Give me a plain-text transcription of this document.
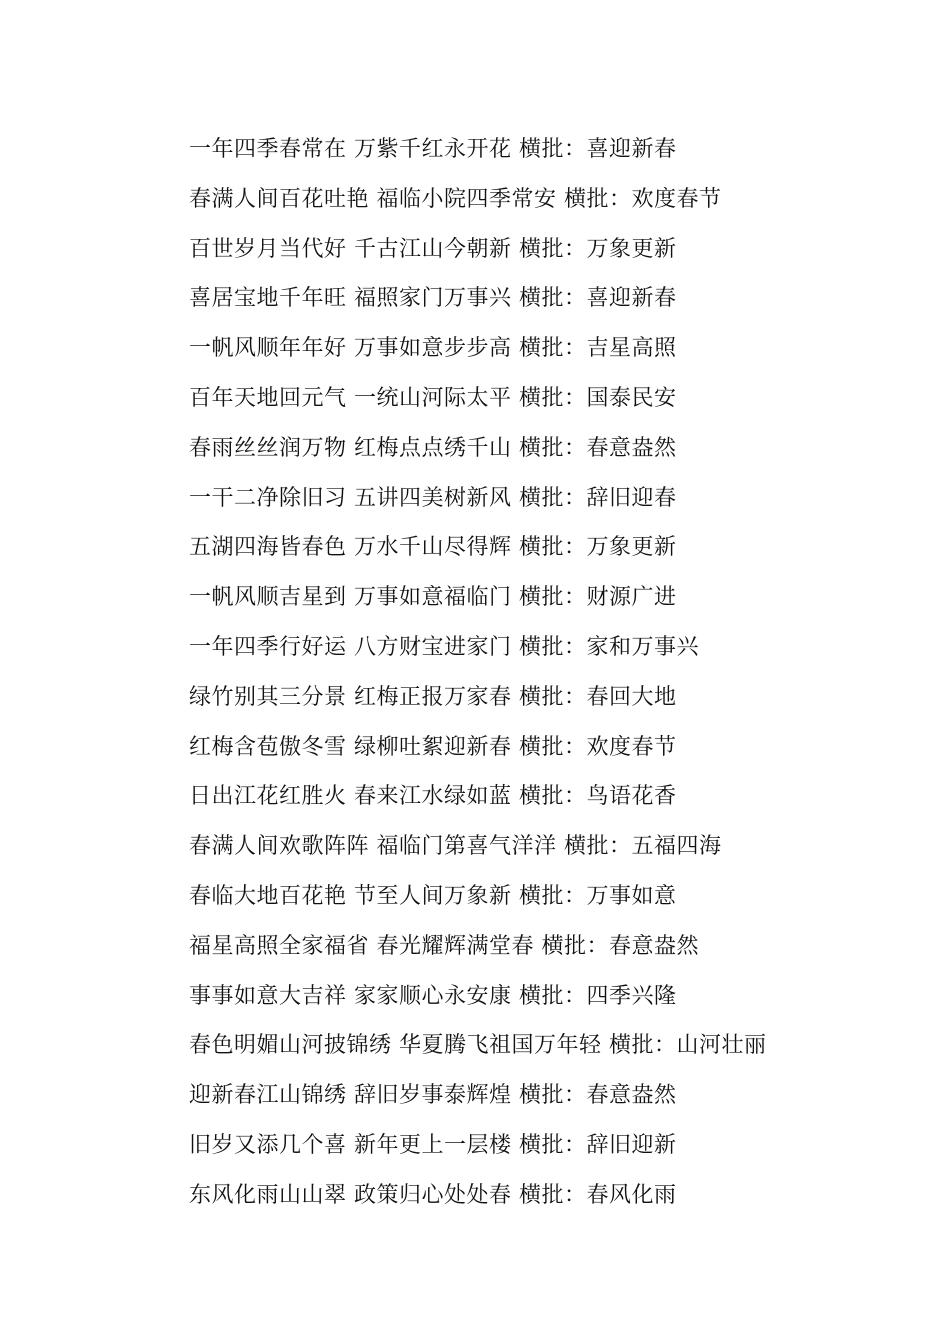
一年四季春常在 万紫千红永开花 横批：喜迎新春
春满人间百花吐艳 福临小院四季常安 横批：欢度春节
百世岁月当代好 千古江山今朝新 横批：万象更新
喜居宝地千年旺 福照家门万事兴 横批：喜迎新春
一帆风顺年年好 万事如意步步高 横批：吉星高照
百年天地回元气 一统山河际太平 横批：国泰民安
春雨丝丝润万物 红梅点点绣千山 横批：春意盎然
一干二净除旧习 五讲四美树新风 横批：辞旧迎春
五湖四海皆春色 万水千山尽得辉 横批：万象更新
一帆风顺吉星到 万事如意福临门 横批：财源广进
一年四季行好运 八方财宝进家门 横批：家和万事兴
绿竹别其三分景 红梅正报万家春 横批：春回大地
红梅含苞傲冬雪 绿柳吐絮迎新春 横批：欢度春节
日出江花红胜火 春来江水绿如蓝 横批：鸟语花香
春满人间欢歌阵阵 福临门第喜气洋洋 横批：五福四海
春临大地百花艳 节至人间万象新 横批：万事如意
福星高照全家福省 春光耀辉满堂春 横批：春意盎然
事事如意大吉祥 家家顺心永安康 横批：四季兴隆
春色明媚山河披锦绣 华夏腾飞祖国万年轻 横批：山河壮丽
迎新春江山锦绣 辞旧岁事泰辉煌 横批：春意盎然
旧岁又添几个喜 新年更上一层楼 横批：辞旧迎新
东风化雨山山翠 政策归心处处春 横批：春风化雨
